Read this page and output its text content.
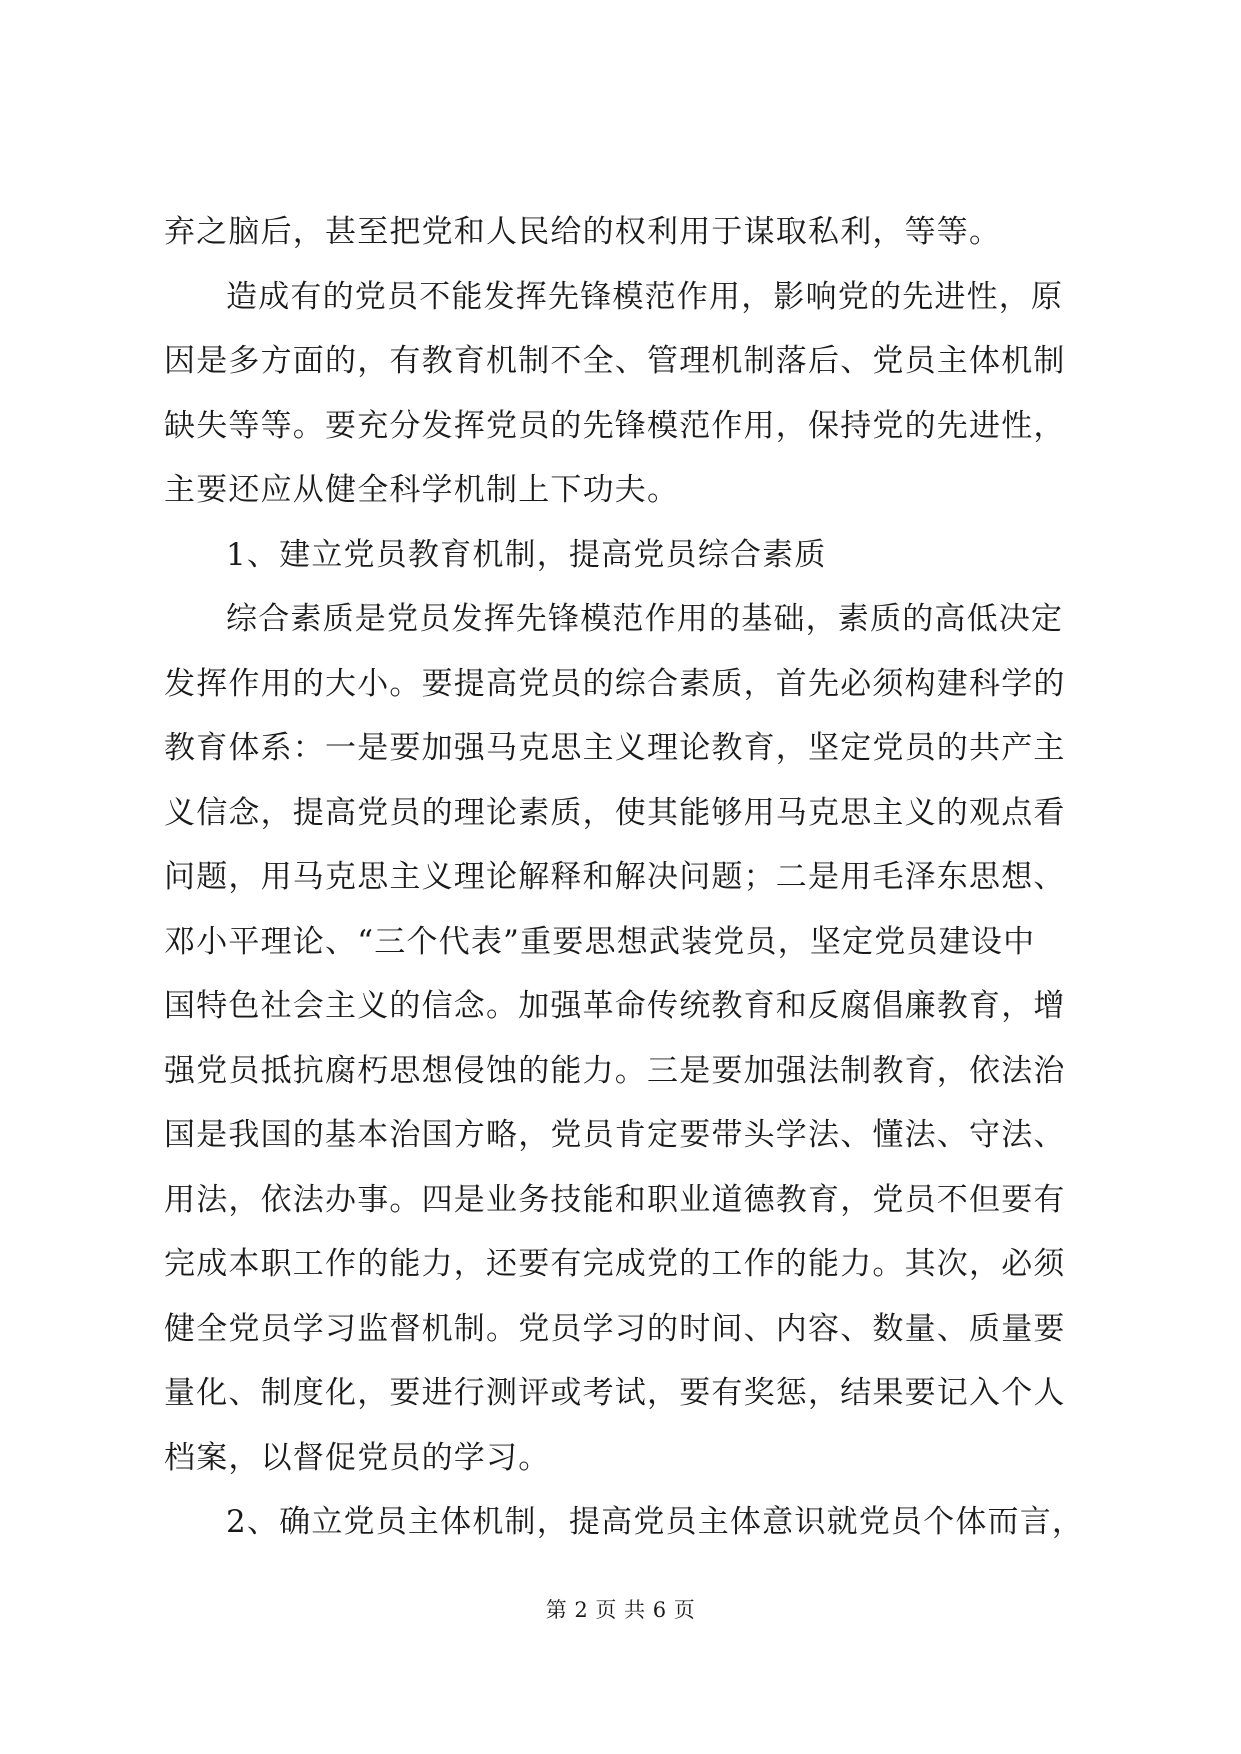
弃之脑后，甚至把党和人民给的权利用于谋取私利，等等。
造成有的党员不能发挥先锋模范作用，影响党的先进性，原
因是多方面的，有教育机制不全、管理机制落后、党员主体机制
缺失等等。要充分发挥党员的先锋模范作用，保持党的先进性，
主要还应从健全科学机制上下功夫。
1、建立党员教育机制，提高党员综合素质
综合素质是党员发挥先锋模范作用的基础，素质的高低决定
发挥作用的大小。要提高党员的综合素质，首先必须构建科学的
教育体系：一是要加强马克思主义理论教育，坚定党员的共产主
义信念，提高党员的理论素质，使其能够用马克思主义的观点看
问题，用马克思主义理论解释和解决问题；二是用毛泽东思想、
邓小平理论、“三个代表”重要思想武装党员，坚定党员建设中
国特色社会主义的信念。加强革命传统教育和反腐倡廉教育，增
强党员抵抗腐朽思想侵蚀的能力。三是要加强法制教育，依法治
国是我国的基本治国方略，党员肯定要带头学法、懂法、守法、
用法，依法办事。四是业务技能和职业道德教育，党员不但要有
完成本职工作的能力，还要有完成党的工作的能力。其次，必须
健全党员学习监督机制。党员学习的时间、内容、数量、质量要
量化、制度化，要进行测评或考试，要有奖惩，结果要记入个人
档案，以督促党员的学习。
2、确立党员主体机制，提高党员主体意识就党员个体而言，
第 2 页 共 6 页
